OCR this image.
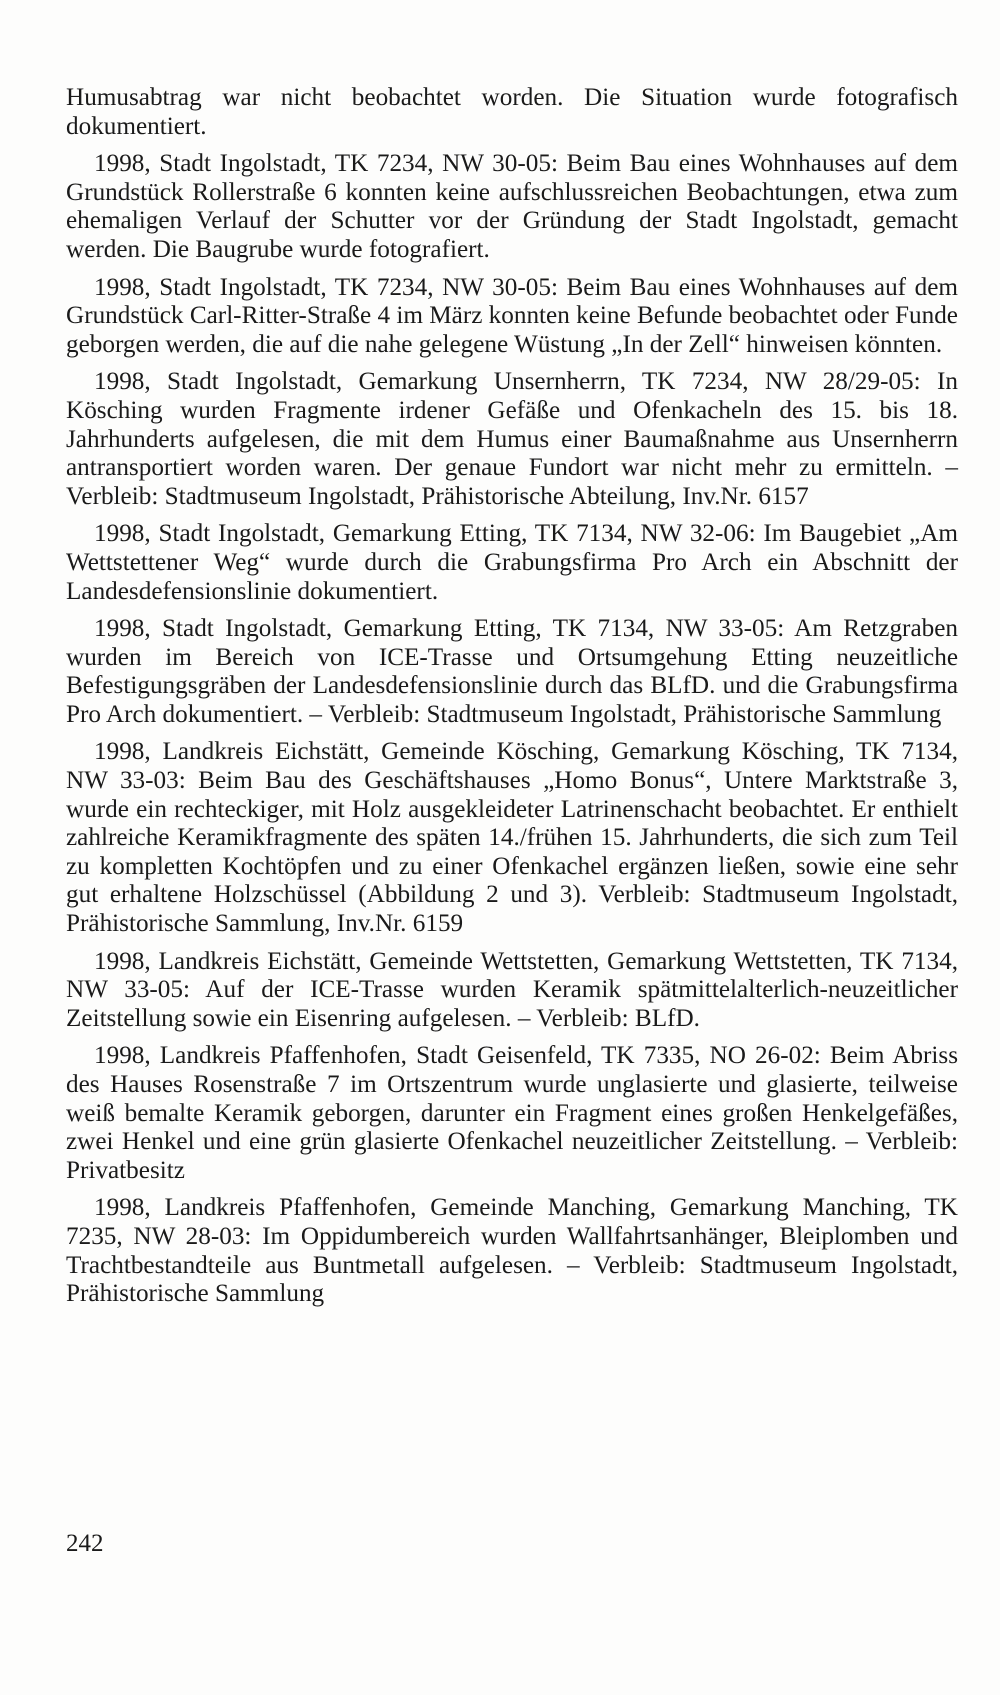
Humusabtrag war nicht beobachtet worden. Die Situation wurde fotografisch dokumentiert.

1998, Stadt Ingolstadt, TK 7234, NW 30-05: Beim Bau eines Wohnhauses auf dem Grundstück Rollerstraße 6 konnten keine aufschlussreichen Beobachtungen, etwa zum ehemaligen Verlauf der Schutter vor der Gründung der Stadt Ingolstadt, gemacht werden. Die Baugrube wurde fotografiert.

1998, Stadt Ingolstadt, TK 7234, NW 30-05: Beim Bau eines Wohnhauses auf dem Grundstück Carl-Ritter-Straße 4 im März konnten keine Befunde beobachtet oder Funde geborgen werden, die auf die nahe gelegene Wüstung „In der Zell“ hinweisen könnten.

1998, Stadt Ingolstadt, Gemarkung Unsernherrn, TK 7234, NW 28/29-05: In Kösching wurden Fragmente irdener Gefäße und Ofenkacheln des 15. bis 18. Jahrhunderts aufgelesen, die mit dem Humus einer Baumaßnahme aus Unsernherrn antransportiert worden waren. Der genaue Fundort war nicht mehr zu ermitteln. – Verbleib: Stadtmuseum Ingolstadt, Prähistorische Abteilung, Inv.Nr. 6157

1998, Stadt Ingolstadt, Gemarkung Etting, TK 7134, NW 32-06: Im Baugebiet „Am Wettstettener Weg“ wurde durch die Grabungsfirma Pro Arch ein Abschnitt der Landesdefensionslinie dokumentiert.

1998, Stadt Ingolstadt, Gemarkung Etting, TK 7134, NW 33-05: Am Retzgraben wurden im Bereich von ICE-Trasse und Ortsumgehung Etting neuzeitliche Befestigungsgräben der Landesdefensionslinie durch das BLfD. und die Grabungsfirma Pro Arch dokumentiert. – Verbleib: Stadtmuseum Ingolstadt, Prähistorische Sammlung

1998, Landkreis Eichstätt, Gemeinde Kösching, Gemarkung Kösching, TK 7134, NW 33-03: Beim Bau des Geschäftshauses „Homo Bonus“, Untere Marktstraße 3, wurde ein rechteckiger, mit Holz ausgekleideter Latrinenschacht beobachtet. Er enthielt zahlreiche Keramikfragmente des späten 14./frühen 15. Jahrhunderts, die sich zum Teil zu kompletten Kochtöpfen und zu einer Ofenkachel ergänzen ließen, sowie eine sehr gut erhaltene Holzschüssel (Abbildung 2 und 3). Verbleib: Stadtmuseum Ingolstadt, Prähistorische Sammlung, Inv.Nr. 6159

1998, Landkreis Eichstätt, Gemeinde Wettstetten, Gemarkung Wettstetten, TK 7134, NW 33-05: Auf der ICE-Trasse wurden Keramik spätmittelalterlich-neuzeitlicher Zeitstellung sowie ein Eisenring aufgelesen. – Verbleib: BLfD.

1998, Landkreis Pfaffenhofen, Stadt Geisenfeld, TK 7335, NO 26-02: Beim Abriss des Hauses Rosenstraße 7 im Ortszentrum wurde unglasierte und glasierte, teilweise weiß bemalte Keramik geborgen, darunter ein Fragment eines großen Henkelgefäßes, zwei Henkel und eine grün glasierte Ofenkachel neuzeitlicher Zeitstellung. – Verbleib: Privatbesitz

1998, Landkreis Pfaffenhofen, Gemeinde Manching, Gemarkung Manching, TK 7235, NW 28-03: Im Oppidumbereich wurden Wallfahrtsanhänger, Bleiplomben und Trachtbestandteile aus Buntmetall aufgelesen. – Verbleib: Stadtmuseum Ingolstadt, Prähistorische Sammlung

242
